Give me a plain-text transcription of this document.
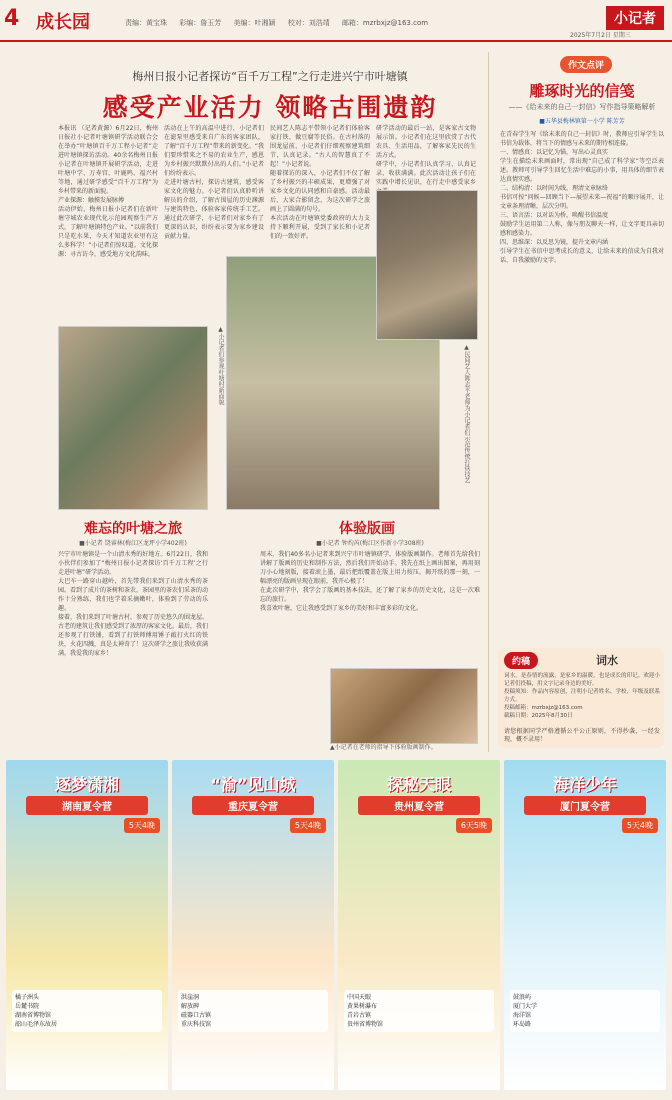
4 成长园	责编：黄宝珠 彩编：詹玉芳 美编：叶湘颖 校对：刘浩靖 邮箱：mzrbxjz@163.com	小记者
2025年7月2日 星期三
梅州日报小记者探访“百千万工程”之行走进兴宁市叶塘镇
感受产业活力 领略古围遗韵
本报讯 （记者黄源）6月22日，梅州日报社小记者叶塘镇研学活动联合会在举办“叶塘镇百千万工程小记者”走进叶塘镇探访活动。40余名梅州日报小记者在叶塘镇开展研学活动，走进叶塘中学、万寿宫、叶鹿鸣、福兴村等地，通过研学感受“百千万工程”为乡村带来的新面貌。
产业探源：触摸发展脉搏
活动伊始，梅州日报小记者们在新叶塘守城农业现代化示范园观察生产方式，了解叶塘镇特色产业。“以前我们只是吃水果，今天才知道农业里有这么多科学！”小记者们惊叹道。文化探源：寻古访今，感受地方文化韵味。
活动在上午的高温中进行，小记者们在滤泵里感受来自广东的客家团队，了解“百千万工程”带来的新变化。“我们要珍惜来之不易的农业生产，感恩为乡村振兴默默付出的人们。”小记者们纷纷表示。
走进叶塘古村，探访古建筑，感受客家文化的魅力。小记者们认真聆听讲解员的介绍，了解古围屋的历史渊源与建筑特色，体验客家传统手工艺。通过此次研学，小记者们对家乡有了更深的认识，纷纷表示要为家乡建设贡献力量。
民间艺人陈志平带领小记者们体验客家打铁、做豆腐等民俗。在古村落的围龙屋前，小记者们仔细观察建筑细节，认真记录。“古人的智慧真了不起！”小记者说。
随着探访的深入，小记者们不仅了解了乡村振兴的丰硕成果，更增强了对家乡文化的认同感和自豪感。活动最后，大家合影留念，为这次研学之旅画上了圆满的句号。
本次活动在叶塘镇党委政府的大力支持下顺利开展，受到了家长和小记者们的一致好评。
研学活动的最后一站，是客家古文物展示馆。小记者们在这里欣赏了古代农具、生活用品，了解客家先民的生活方式。
研学中，小记者们认真学习，认真记录，收获满满。此次活动让孩子们在实践中增长见识，在行走中感受家乡
▲小记者们参观叶塘村新面貌	▲民间艺人陈志平老师为小记者们示范传统打铁技艺
难忘的叶塘之旅
■小记者 饶睿林(梅江区龙坪小学402班)
兴宁市叶塘镇是一个山清水秀的好地方。6月22日，我和小伙伴们参加了“梅州日报小记者探访‘百千万工程’之行走进叶塘”研学活动。
大巴车一路穿山越岭，首先带我们来到了山清水秀的茶园。看到了成片的茶树和茶农，茶园里的茶农们采茶的动作十分熟练，我们也学着采摘嫩叶，体验到了劳动的乐趣。
接着，我们来到了叶塘古村，参观了历史悠久的围龙屋。古老的建筑让我们感受到了浓厚的客家文化。最后，我们还参观了打铁铺，看到了打铁师傅用锤子敲打火红的铁块，火花四溅，真是太神奇了！这次研学之旅让我收获满满，我爱我的家乡！
体验版画
■小记者 钟灼芮(梅江区作新小学308班)
周末，我们40多名小记者来到兴宁市叶塘镇研学，体验版画制作。老师首先给我们讲解了版画的历史和制作方法，然后我们开始动手。我先在纸上画出图案，再用刻刀小心地刻版，接着滚上墨，最后把纸覆盖在版上用力按压。揭开纸的那一刻，一幅漂亮的版画呈现在眼前，我开心极了！
在此次研学中，我学会了版画的基本技法，还了解了家乡的历史文化，这是一次难忘的旅行。
我喜欢叶塘，它让我感受到了家乡的美好和丰富多彩的文化。
▲小记者在老师的指导下体验版画制作。
作文点评
雕琢时光的信笺
——《给未来的自己一封信》写作指导策略解析
■五华县梅林镇第一小学 陈芳芳
在青春学生写《给未来的自己一封信》时，教师应引导学生以书信为载体，将当下的情感与未来的期待相连接。
一、情感真：以记忆为锚，写出心灵真实
学生在描绘未来画面时，常出现“自己成了科学家”等空泛表述。教师可引导学生回忆生活中难忘的小事，用具体的细节表达真情实感。
二、结构清：以时间为线，理清文章脉络
书信可按“问候—回顾当下—展望未来—祝福”的顺序展开，让文章条理清晰，层次分明。
三、语言活：以对话为桥，唤醒书信温度
鼓励学生运用第二人称，像与朋友聊天一样，让文字更具亲切感和感染力。
四、思维深：以反思为镜，提升文章内涵
引导学生在书信中思考成长的意义，让给未来的信成为自我对话、自我激励的文字。
约稿	词水
词水，是春情的流露，是家乡的温暖，也是成长的印记。欢迎小记者们投稿，用文字记录身边的美好。
投稿须知：作品内容原创，注明小记者姓名、学校、年级及联系方式。
投稿邮箱：mzrbxjz@163.com
截稿日期：2025年8月30日
请您根据同学严格遵循公平公正原则，不得抄袭，一经发现，概不录用！
逐梦潇湘
湖南夏令营
5天4晚
橘子洲头
岳麓书院
湖南省博物馆
韶山毛泽东故居
“渝”见山城
重庆夏令营
5天4晚
洪崖洞
解放碑
磁器口古镇
重庆科技馆
探秘天眼
贵州夏令营
6天5晚
中国天眼
黄果树瀑布
青岩古镇
贵州省博物馆
海洋少年
厦门夏令营
5天4晚
鼓浪屿
厦门大学
海洋馆
环岛路
